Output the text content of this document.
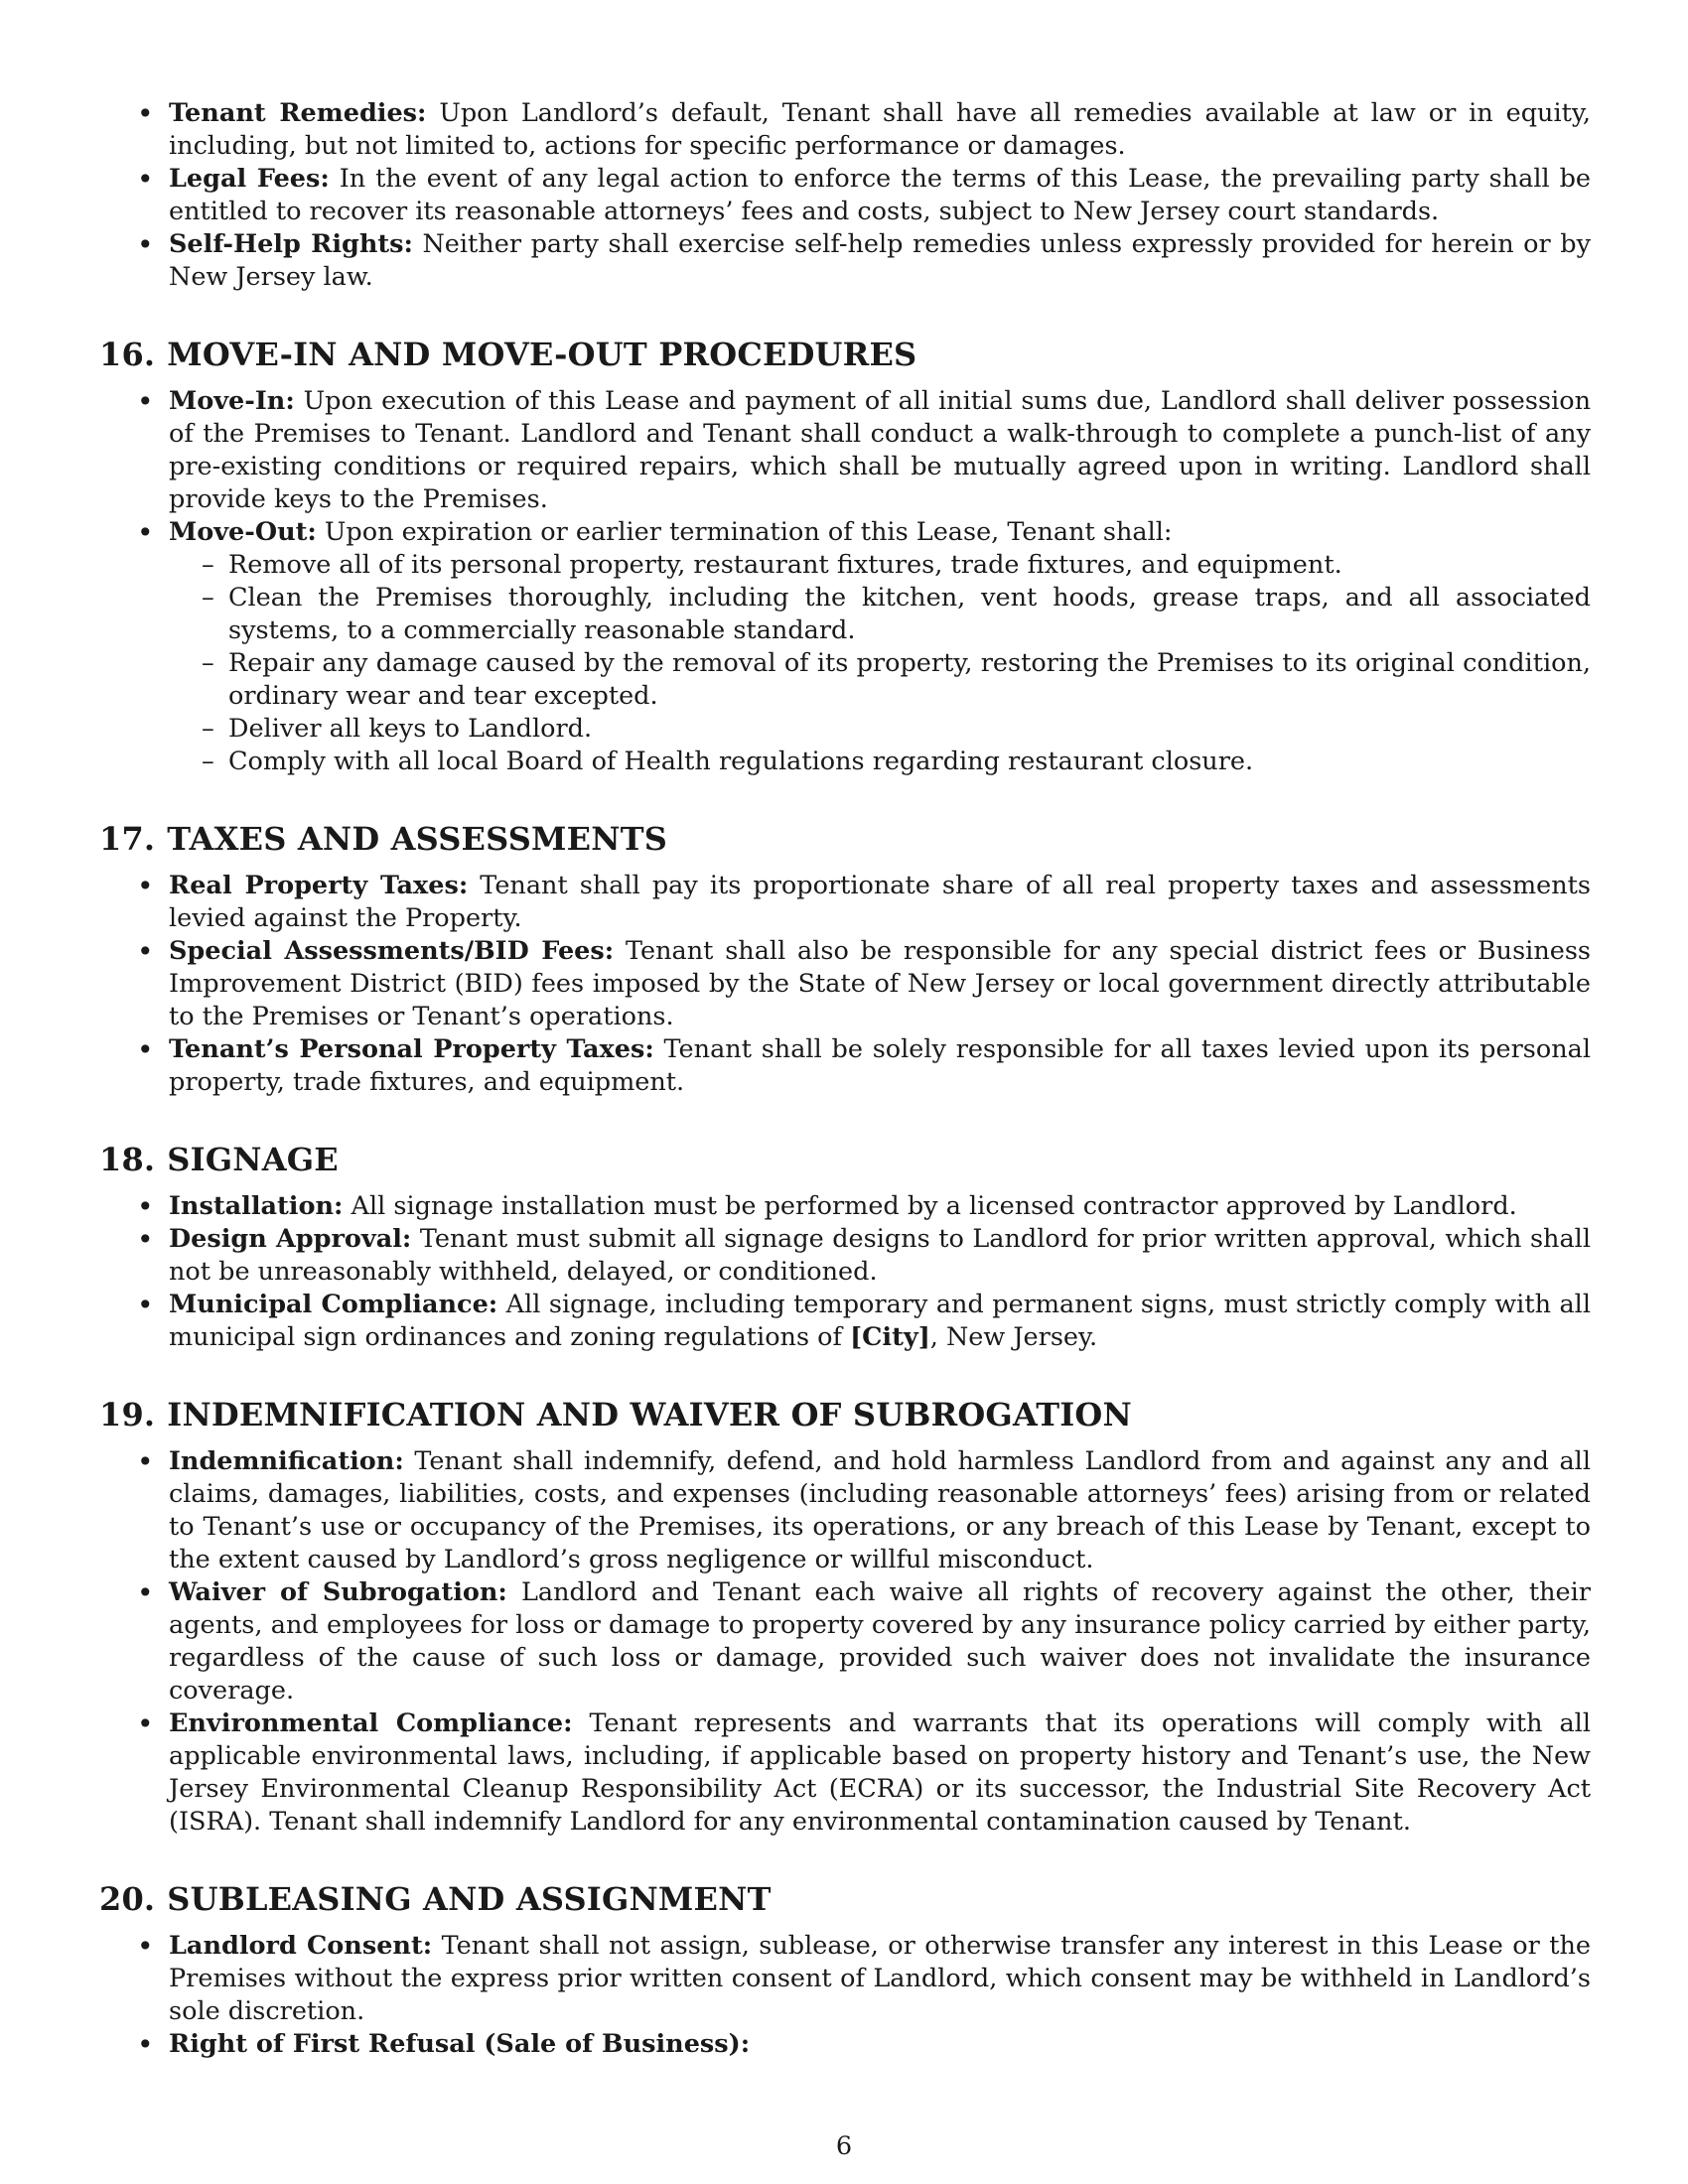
• Tenant Remedies: Upon Landlord’s default, Tenant shall have all remedies available at law or in equity, including, but not limited to, actions for specific performance or damages.
• Legal Fees: In the event of any legal action to enforce the terms of this Lease, the prevailing party shall be entitled to recover its reasonable attorneys’ fees and costs, subject to New Jersey court standards.
• Self-Help Rights: Neither party shall exercise self-help remedies unless expressly provided for herein or by New Jersey law.
16. MOVE-IN AND MOVE-OUT PROCEDURES
• Move-In: Upon execution of this Lease and payment of all initial sums due, Landlord shall deliver possession of the Premises to Tenant. Landlord and Tenant shall conduct a walk-through to complete a punch-list of any pre-existing conditions or required repairs, which shall be mutually agreed upon in writing. Landlord shall provide keys to the Premises.
• Move-Out: Upon expiration or earlier termination of this Lease, Tenant shall:
– Remove all of its personal property, restaurant fixtures, trade fixtures, and equipment.
– Clean the Premises thoroughly, including the kitchen, vent hoods, grease traps, and all associated systems, to a commercially reasonable standard.
– Repair any damage caused by the removal of its property, restoring the Premises to its original condition, ordinary wear and tear excepted.
– Deliver all keys to Landlord.
– Comply with all local Board of Health regulations regarding restaurant closure.
17. TAXES AND ASSESSMENTS
• Real Property Taxes: Tenant shall pay its proportionate share of all real property taxes and assessments levied against the Property.
• Special Assessments/BID Fees: Tenant shall also be responsible for any special district fees or Business Improvement District (BID) fees imposed by the State of New Jersey or local government directly attributable to the Premises or Tenant’s operations.
• Tenant’s Personal Property Taxes: Tenant shall be solely responsible for all taxes levied upon its personal property, trade fixtures, and equipment.
18. SIGNAGE
• Installation: All signage installation must be performed by a licensed contractor approved by Landlord.
• Design Approval: Tenant must submit all signage designs to Landlord for prior written approval, which shall not be unreasonably withheld, delayed, or conditioned.
• Municipal Compliance: All signage, including temporary and permanent signs, must strictly comply with all municipal sign ordinances and zoning regulations of [City], New Jersey.
19. INDEMNIFICATION AND WAIVER OF SUBROGATION
• Indemnification: Tenant shall indemnify, defend, and hold harmless Landlord from and against any and all claims, damages, liabilities, costs, and expenses (including reasonable attorneys’ fees) arising from or related to Tenant’s use or occupancy of the Premises, its operations, or any breach of this Lease by Tenant, except to the extent caused by Landlord’s gross negligence or willful misconduct.
• Waiver of Subrogation: Landlord and Tenant each waive all rights of recovery against the other, their agents, and employees for loss or damage to property covered by any insurance policy carried by either party, regardless of the cause of such loss or damage, provided such waiver does not invalidate the insurance coverage.
• Environmental Compliance: Tenant represents and warrants that its operations will comply with all applicable environmental laws, including, if applicable based on property history and Tenant’s use, the New Jersey Environmental Cleanup Responsibility Act (ECRA) or its successor, the Industrial Site Recovery Act (ISRA). Tenant shall indemnify Landlord for any environmental contamination caused by Tenant.
20. SUBLEASING AND ASSIGNMENT
• Landlord Consent: Tenant shall not assign, sublease, or otherwise transfer any interest in this Lease or the Premises without the express prior written consent of Landlord, which consent may be withheld in Landlord’s sole discretion.
• Right of First Refusal (Sale of Business):
6
